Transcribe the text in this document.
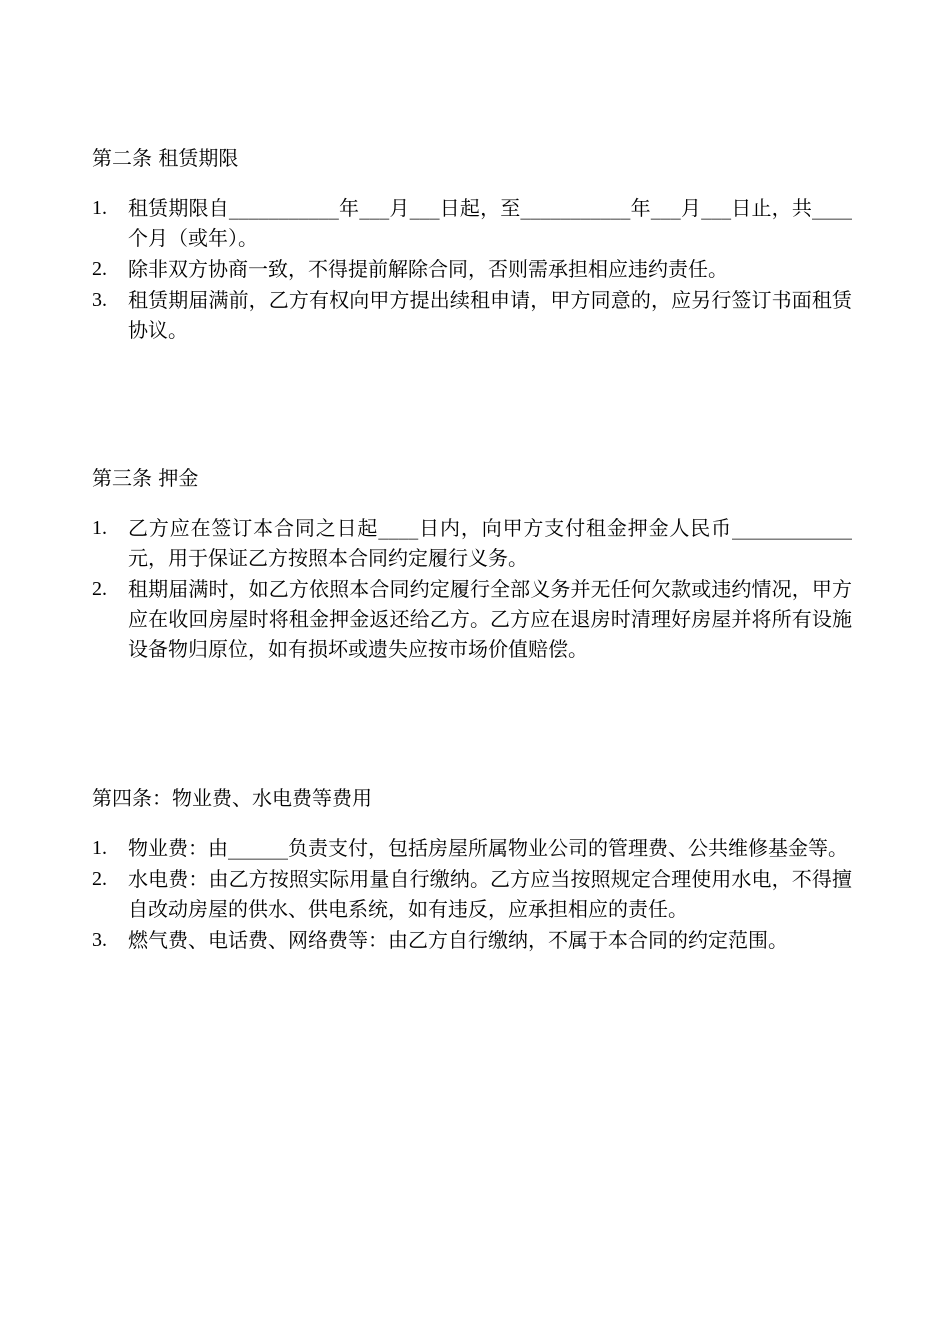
第二条 租赁期限
1.	租赁期限自___________年___月___日起，至___________年___月___日止，共____个月（或年）。
2.	除非双方协商一致，不得提前解除合同，否则需承担相应违约责任。
3.	租赁期届满前，乙方有权向甲方提出续租申请，甲方同意的，应另行签订书面租赁协议。
第三条 押金
1.	乙方应在签订本合同之日起____日内，向甲方支付租金押金人民币____________元，用于保证乙方按照本合同约定履行义务。
2.	租期届满时，如乙方依照本合同约定履行全部义务并无任何欠款或违约情况，甲方应在收回房屋时将租金押金返还给乙方。乙方应在退房时清理好房屋并将所有设施设备物归原位，如有损坏或遗失应按市场价值赔偿。
第四条：物业费、水电费等费用
1.	物业费：由______负责支付，包括房屋所属物业公司的管理费、公共维修基金等。
2.	水电费：由乙方按照实际用量自行缴纳。乙方应当按照规定合理使用水电，不得擅自改动房屋的供水、供电系统，如有违反，应承担相应的责任。
3.	燃气费、电话费、网络费等：由乙方自行缴纳，不属于本合同的约定范围。
